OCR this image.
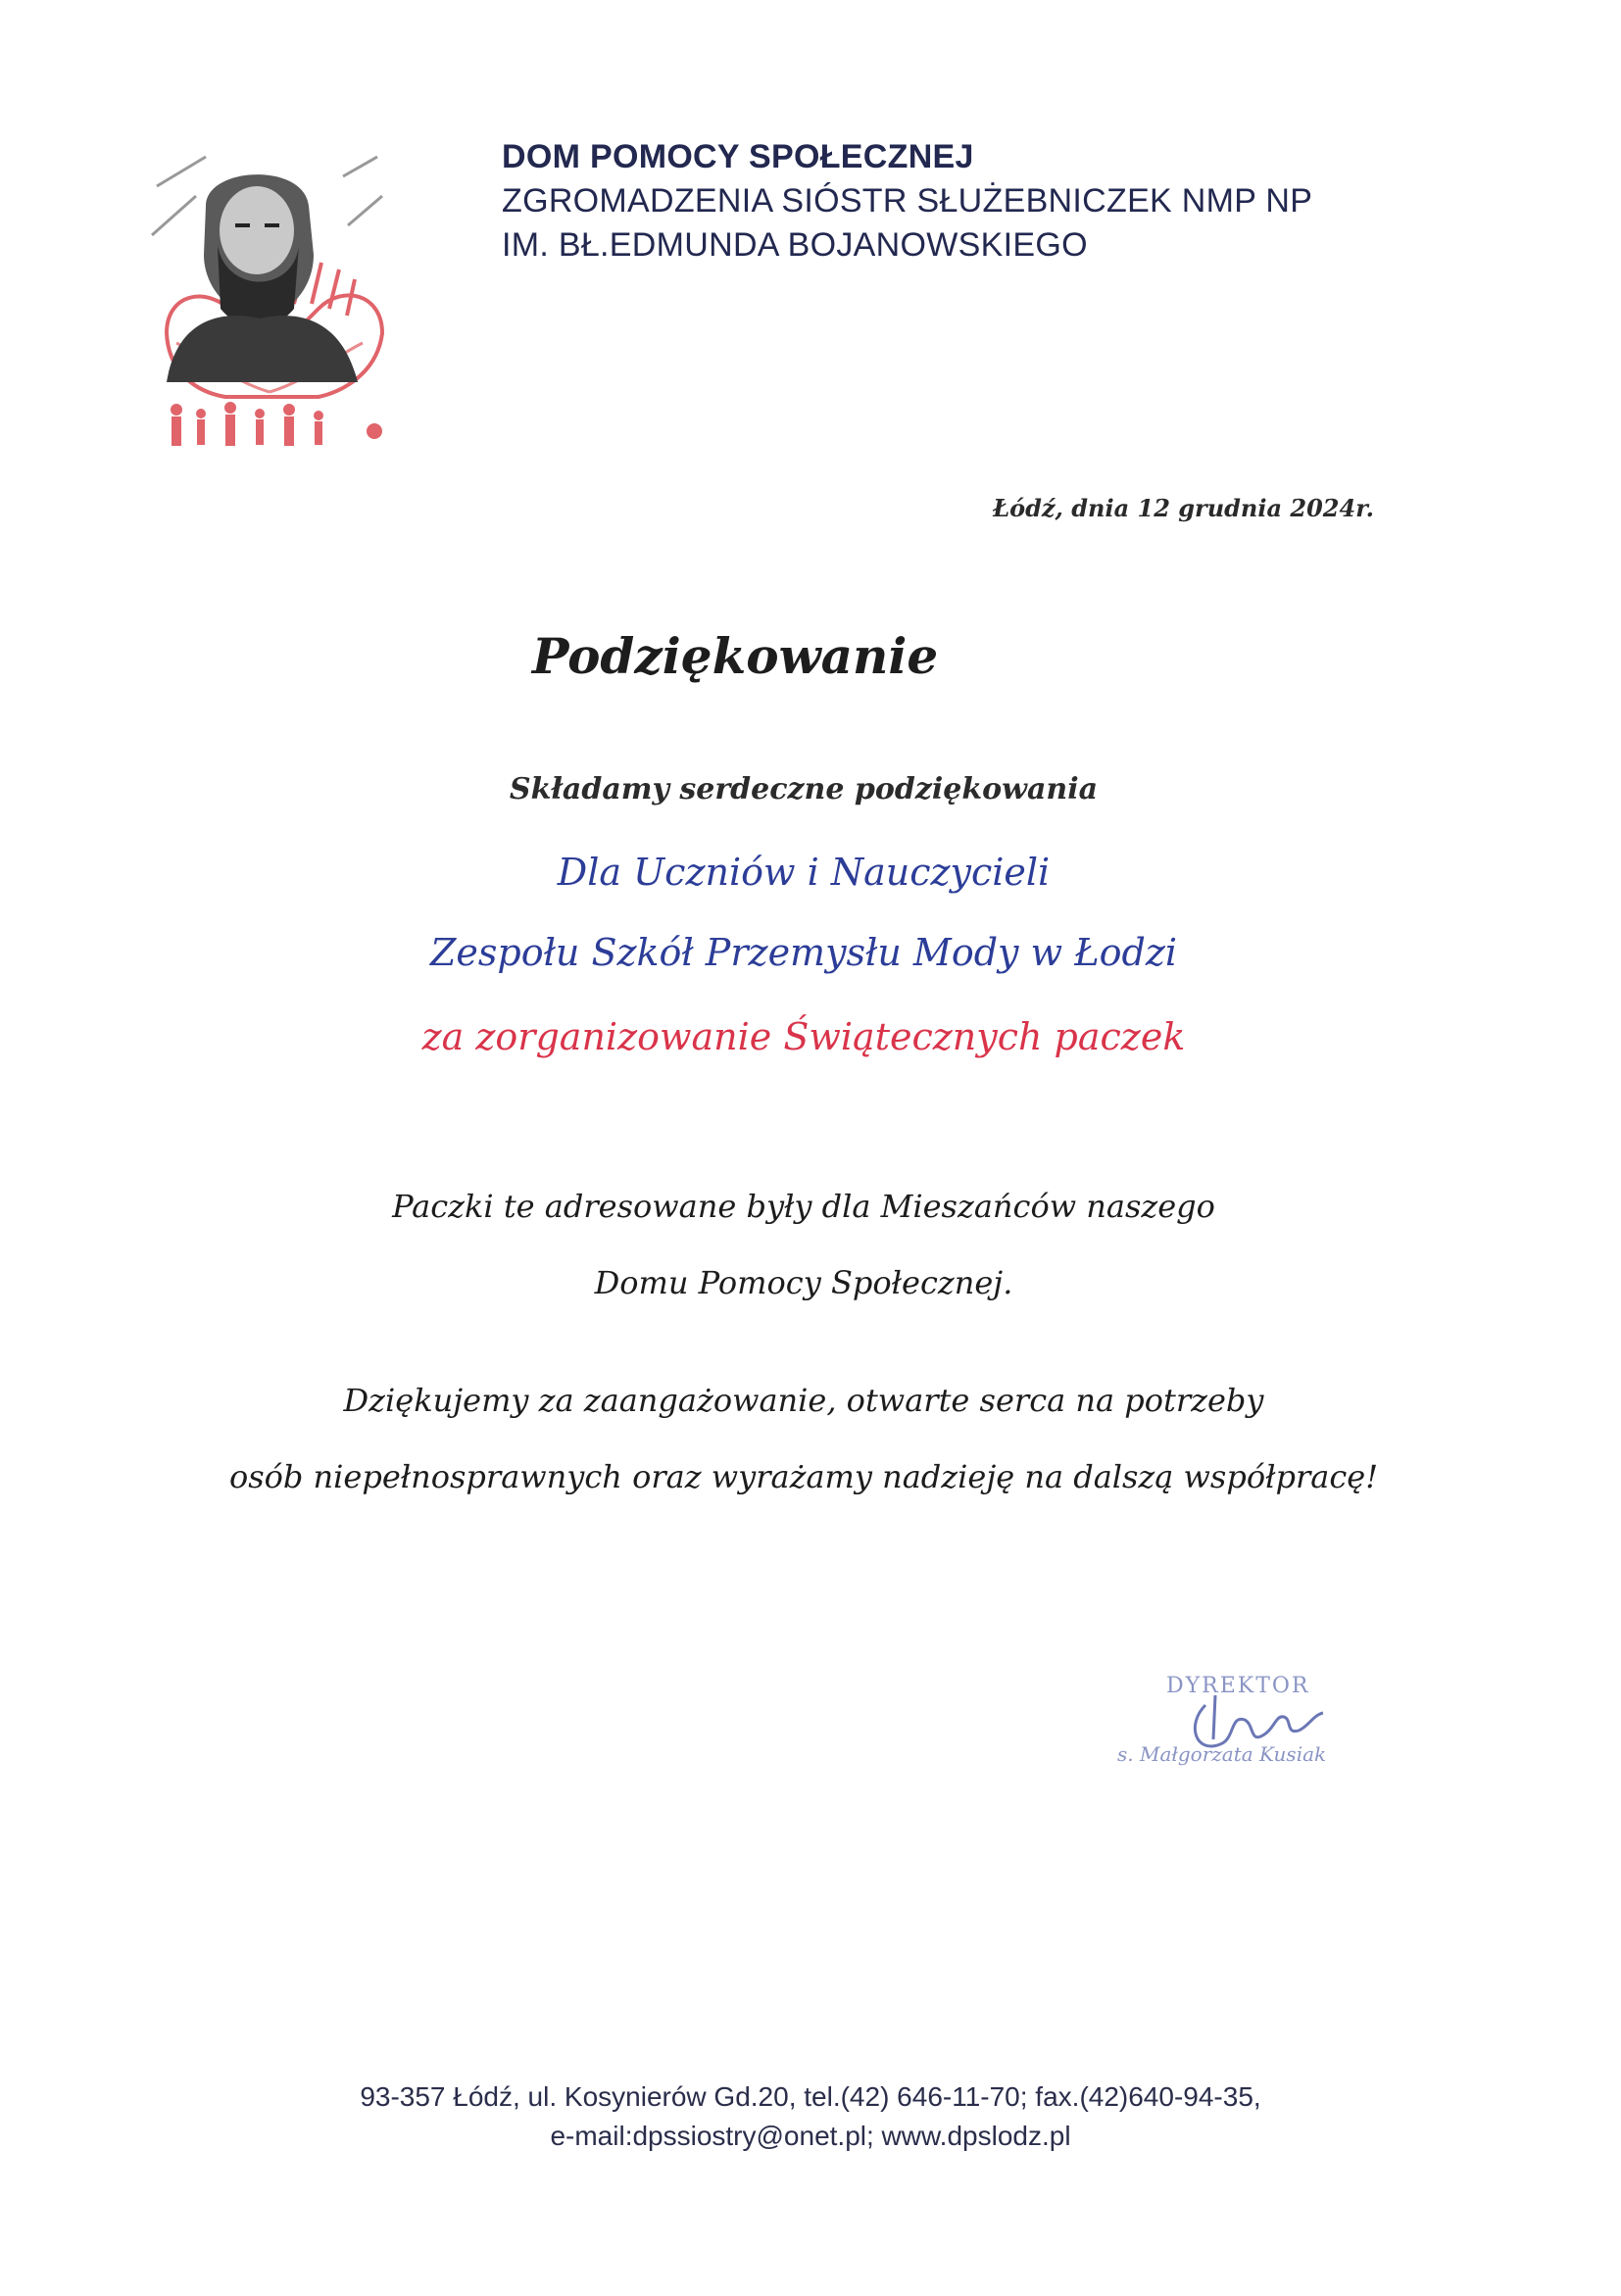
DOM POMOCY SPOŁECZNEJ
ZGROMADZENIA SIÓSTR SŁUŻEBNICZEK NMP NP
IM. BŁ.EDMUNDA BOJANOWSKIEGO
Łódź, dnia 12 grudnia 2024r.
Podziękowanie
Składamy serdeczne podziękowania
Dla Uczniów i Nauczycieli
Zespołu Szkół Przemysłu Mody w Łodzi
za zorganizowanie Świątecznych paczek
Paczki te adresowane były dla Mieszańców naszego
Domu Pomocy Społecznej.
Dziękujemy za zaangażowanie, otwarte serca na potrzeby
osób niepełnosprawnych oraz wyrażamy nadzieję na dalszą współpracę!
DYREKTOR
s. Małgorzata Kusiak
93-357 Łódź, ul. Kosynierów Gd.20, tel.(42) 646-11-70; fax.(42)640-94-35,
e-mail:dpssiostry@onet.pl; www.dpslodz.pl
